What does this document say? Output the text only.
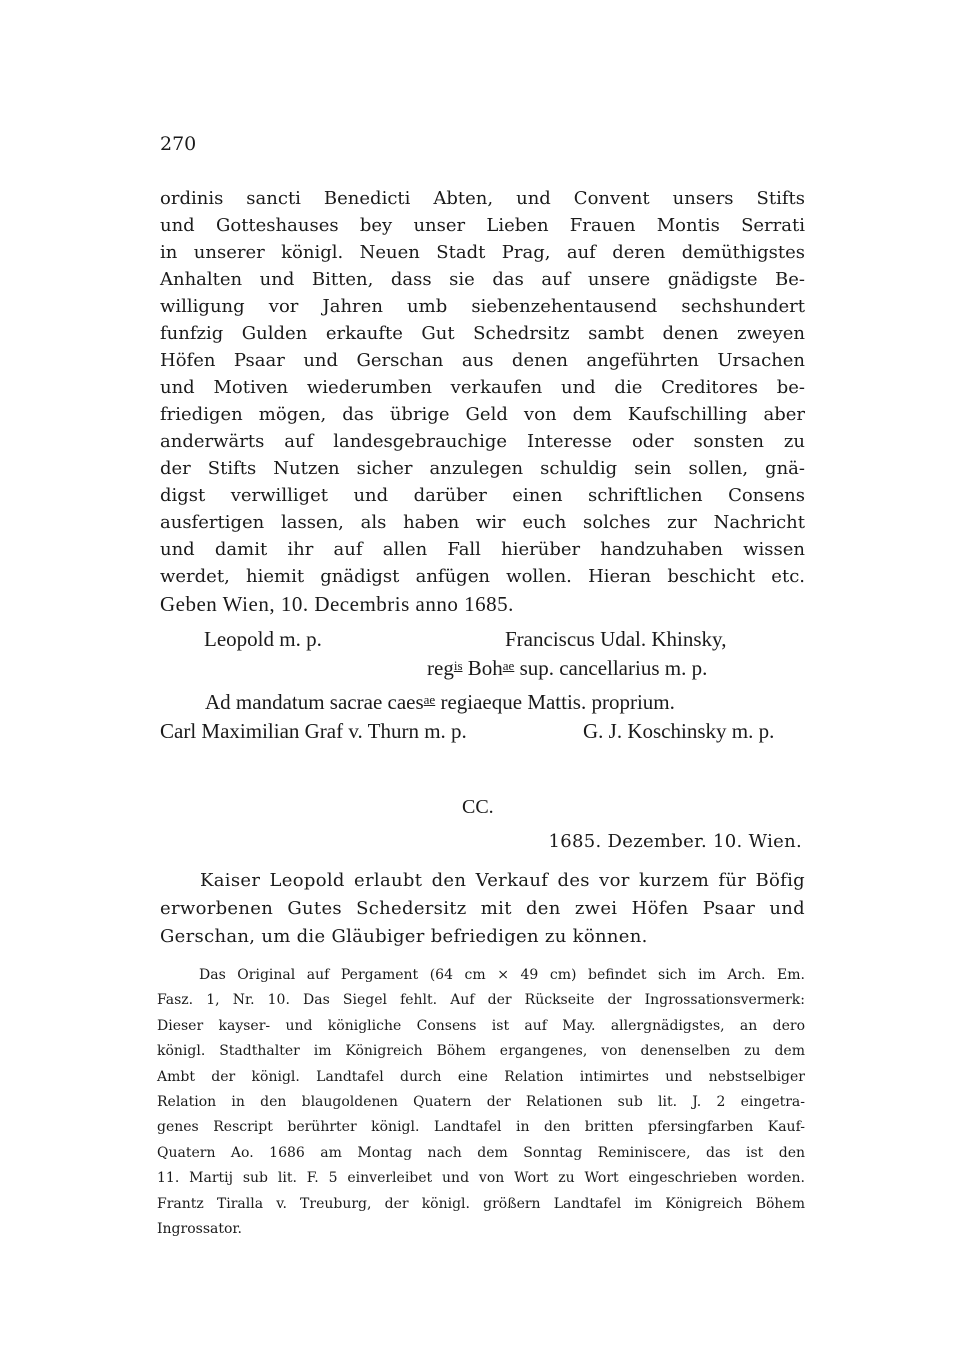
270
ordinis sancti Benedicti Abten, und Convent unsers Stifts
und Gotteshauses bey unser Lieben Frauen Montis Serrati
in unserer königl. Neuen Stadt Prag, auf deren demüthigstes
Anhalten und Bitten, dass sie das auf unsere gnädigste Be-
willigung vor Jahren umb siebenzehentausend sechshundert
funfzig Gulden erkaufte Gut Schedrsitz sambt denen zweyen
Höfen Psaar und Gerschan aus denen angeführten Ursachen
und Motiven wiederumben verkaufen und die Creditores be-
friedigen mögen, das übrige Geld von dem Kaufschilling aber
anderwärts auf landesgebrauchige Interesse oder sonsten zu
der Stifts Nutzen sicher anzulegen schuldig sein sollen, gnä-
digst verwilliget und darüber einen schriftlichen Consens
ausfertigen lassen, als haben wir euch solches zur Nachricht
und damit ihr auf allen Fall hierüber handzuhaben wissen
werdet, hiemit gnädigst anfügen wollen. Hieran beschicht etc.
Geben Wien, 10. Decembris anno 1685.
Leopold m. p.	Franciscus Udal. Khinsky,
reg$^{is}$ Boh$^{ae}$ sup. cancellarius m. p.
Ad mandatum sacrae caes$^{ae}$ regiaeque Mattis. proprium.
Carl Maximilian Graf v. Thurn m. p.	G. J. Koschinsky m. p.
CC.
1685. Dezember. 10. Wien.
Kaiser Leopold erlaubt den Verkauf des vor kurzem für Böfig
erworbenen Gutes Schedersitz mit den zwei Höfen Psaar und
Gerschan, um die Gläubiger befriedigen zu können.
Das Original auf Pergament (64 cm × 49 cm) befindet sich im Arch. Em.
Fasz. 1, Nr. 10. Das Siegel fehlt. Auf der Rückseite der Ingrossationsvermerk:
Dieser kayser- und königliche Consens ist auf May. allergnädigstes, an dero
königl. Stadthalter im Königreich Böhem ergangenes, von denenselben zu dem
Ambt der königl. Landtafel durch eine Relation intimirtes und nebstselbiger
Relation in den blaugoldenen Quatern der Relationen sub lit. J. 2 eingetra-
genes Rescript berührter königl. Landtafel in den britten pfersingfarben Kauf-
Quatern Ao. 1686 am Montag nach dem Sonntag Reminiscere, das ist den
11. Martij sub lit. F. 5 einverleibet und von Wort zu Wort eingeschrieben worden.
Frantz Tiralla v. Treuburg, der königl. größern Landtafel im Königreich Böhem
Ingrossator.
